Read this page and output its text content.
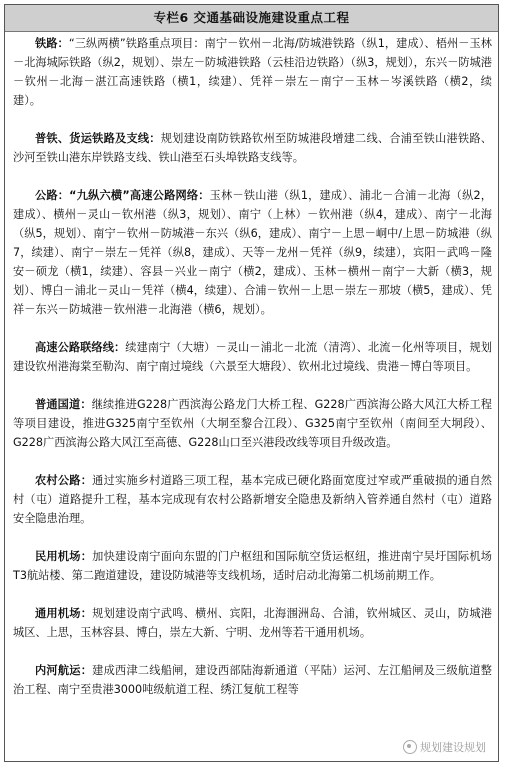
专栏6 交通基础设施建设重点工程

铁路：“三纵两横”铁路重点项目：南宁－钦州－北海/防城港铁路（纵1，建成）、梧州－玉林－北海城际铁路（纵2，规划）、崇左－防城港铁路（云桂沿边铁路）（纵3，规划），东兴－防城港－钦州－北海－湛江高速铁路（横1，续建）、凭祥－崇左－南宁－玉林－岑溪铁路（横2，续建）。

普铁、货运铁路及支线：规划建设南防铁路钦州至防城港段增建二线、合浦至铁山港铁路、沙河至铁山港东岸铁路支线、铁山港至石头埠铁路支线等。

公路：“九纵六横”高速公路网络：玉林－铁山港（纵1，建成）、浦北－合浦－北海（纵2，建成）、横州－灵山－钦州港（纵3，规划）、南宁（上林）－钦州港（纵4，建成）、南宁－北海（纵5，规划）、南宁－钦州－防城港－东兴（纵6，建成）、南宁－上思－峒中/上思－防城港（纵7，续建）、南宁－崇左－凭祥（纵8，建成）、天等－龙州－凭祥（纵9，续建），宾阳－武鸣－隆安－硕龙（横1，续建）、容县－兴业－南宁（横2，建成）、玉林－横州－南宁－大新（横3，规划）、博白－浦北－灵山－凭祥（横4，续建）、合浦－钦州－上思－崇左－那坡（横5，建成）、凭祥－东兴－防城港－钦州港－北海港（横6，规划）。

高速公路联络线：续建南宁（大塘）－灵山－浦北－北流（清湾）、北流－化州等项目，规划建设钦州港海棠至勒沟、南宁南过境线（六景至大塘段）、钦州北过境线、贵港－博白等项目。

普通国道：继续推进G228广西滨海公路龙门大桥工程、G228广西滨海公路大风江大桥工程等项目建设，推进G325南宁至钦州（大垌至黎合江段）、G325南宁至钦州（南间至大垌段）、G228广西滨海公路大风江至高德、G228山口至兴港段改线等项目升级改造。

农村公路：通过实施乡村道路三项工程，基本完成已硬化路面宽度过窄或严重破损的通自然村（屯）道路提升工程，基本完成现有农村公路新增安全隐患及新纳入管养通自然村（屯）道路安全隐患治理。

民用机场：加快建设南宁面向东盟的门户枢纽和国际航空货运枢纽，推进南宁吴圩国际机场T3航站楼、第二跑道建设，建设防城港等支线机场，适时启动北海第二机场前期工作。

通用机场：规划建设南宁武鸣、横州、宾阳，北海涠洲岛、合浦，钦州城区、灵山，防城港城区、上思，玉林容县、博白，崇左大新、宁明、龙州等若干通用机场。

内河航运：建成西津二线船闸，建设西部陆海新通道（平陆）运河、左江船闸及三级航道整治工程、南宁至贵港3000吨级航道工程、绣江复航工程等

规划建设规划
